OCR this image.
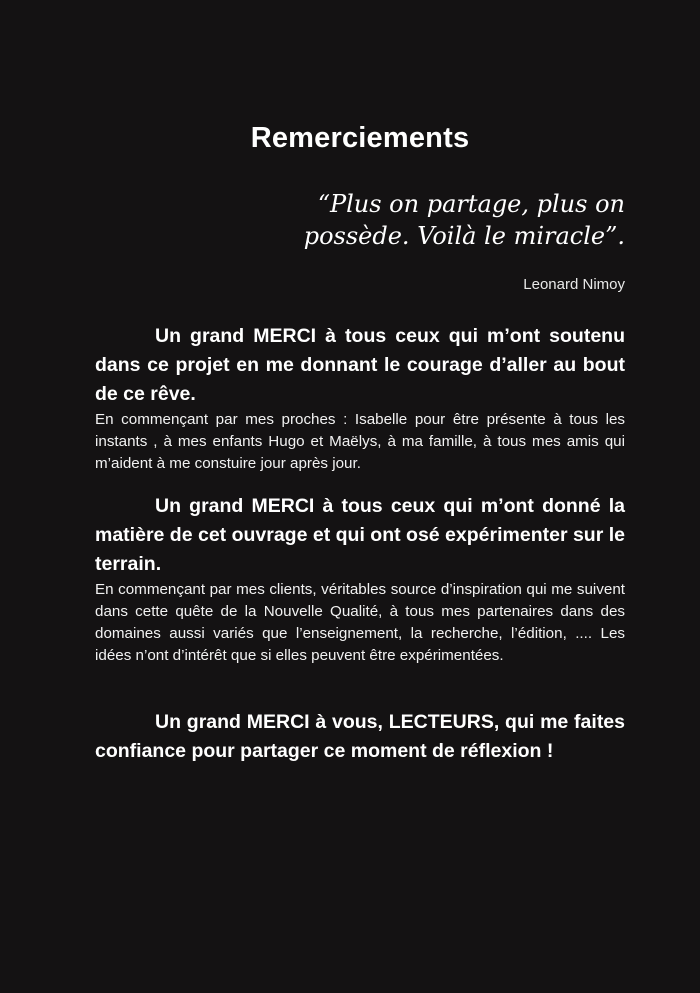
Remerciements

“Plus on partage, plus on possède. Voilà le miracle”.

Leonard Nimoy

Un grand MERCI à tous ceux qui m’ont soutenu dans ce projet en me donnant le courage d’aller au bout de ce rêve.

En commençant par mes proches : Isabelle pour être présente à tous les instants , à mes enfants Hugo et Maëlys, à ma famille, à tous mes amis qui m’aident à me constuire jour après jour.

Un grand MERCI à tous ceux qui m’ont donné la matière de cet ouvrage et qui ont osé expérimenter sur le terrain.

En commençant par mes clients, véritables source d’inspiration qui me suivent dans cette quête de la Nouvelle Qualité, à tous mes partenaires dans des domaines aussi variés que l’enseignement, la recherche, l’édition, .... Les idées n’ont d’intérêt que si elles peuvent être expérimentées.

Un grand MERCI à vous, LECTEURS, qui me faites confiance pour partager ce moment de réflexion !
